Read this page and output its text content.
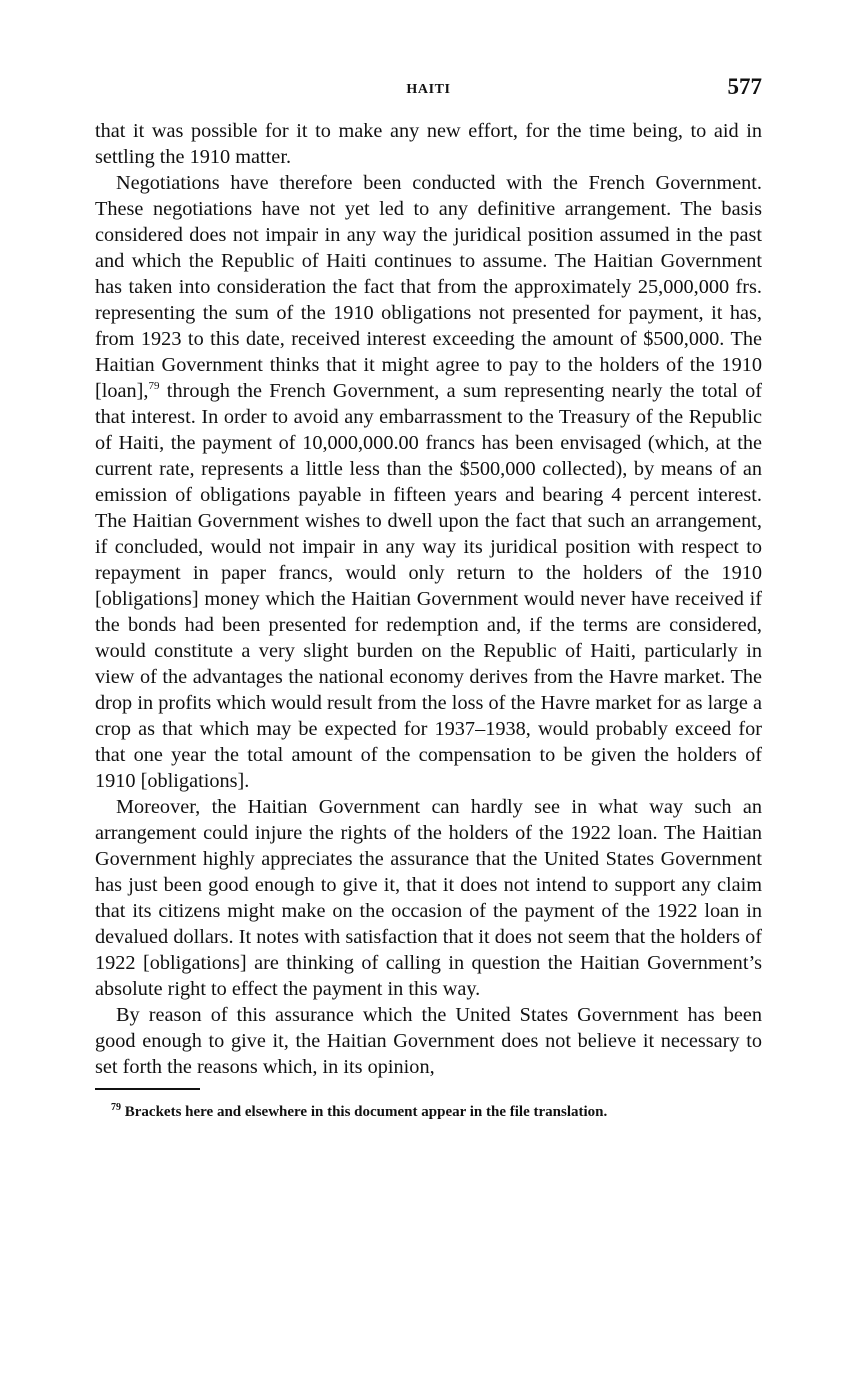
HAITI	577

that it was possible for it to make any new effort, for the time being, to aid in settling the 1910 matter.

Negotiations have therefore been conducted with the French Government. These negotiations have not yet led to any definitive arrangement. The basis considered does not impair in any way the juridical position assumed in the past and which the Republic of Haiti continues to assume. The Haitian Government has taken into consideration the fact that from the approximately 25,000,000 frs. representing the sum of the 1910 obligations not presented for payment, it has, from 1923 to this date, received interest exceeding the amount of $500,000. The Haitian Government thinks that it might agree to pay to the holders of the 1910 [loan],$^{79}$ through the French Government, a sum representing nearly the total of that interest. In order to avoid any embarrassment to the Treasury of the Republic of Haiti, the payment of 10,000,000.00 francs has been envisaged (which, at the current rate, represents a little less than the $500,000 collected), by means of an emission of obligations payable in fifteen years and bearing 4 percent interest. The Haitian Government wishes to dwell upon the fact that such an arrangement, if concluded, would not impair in any way its juridical position with respect to repayment in paper francs, would only return to the holders of the 1910 [obligations] money which the Haitian Government would never have received if the bonds had been presented for redemption and, if the terms are considered, would constitute a very slight burden on the Republic of Haiti, particularly in view of the advantages the national economy derives from the Havre market. The drop in profits which would result from the loss of the Havre market for as large a crop as that which may be expected for 1937–1938, would probably exceed for that one year the total amount of the compensation to be given the holders of 1910 [obligations].

Moreover, the Haitian Government can hardly see in what way such an arrangement could injure the rights of the holders of the 1922 loan. The Haitian Government highly appreciates the assurance that the United States Government has just been good enough to give it, that it does not intend to support any claim that its citizens might make on the occasion of the payment of the 1922 loan in devalued dollars. It notes with satisfaction that it does not seem that the holders of 1922 [obligations] are thinking of calling in question the Haitian Government’s absolute right to effect the payment in this way.

By reason of this assurance which the United States Government has been good enough to give it, the Haitian Government does not believe it necessary to set forth the reasons which, in its opinion,

$^{79}$ Brackets here and elsewhere in this document appear in the file translation.
